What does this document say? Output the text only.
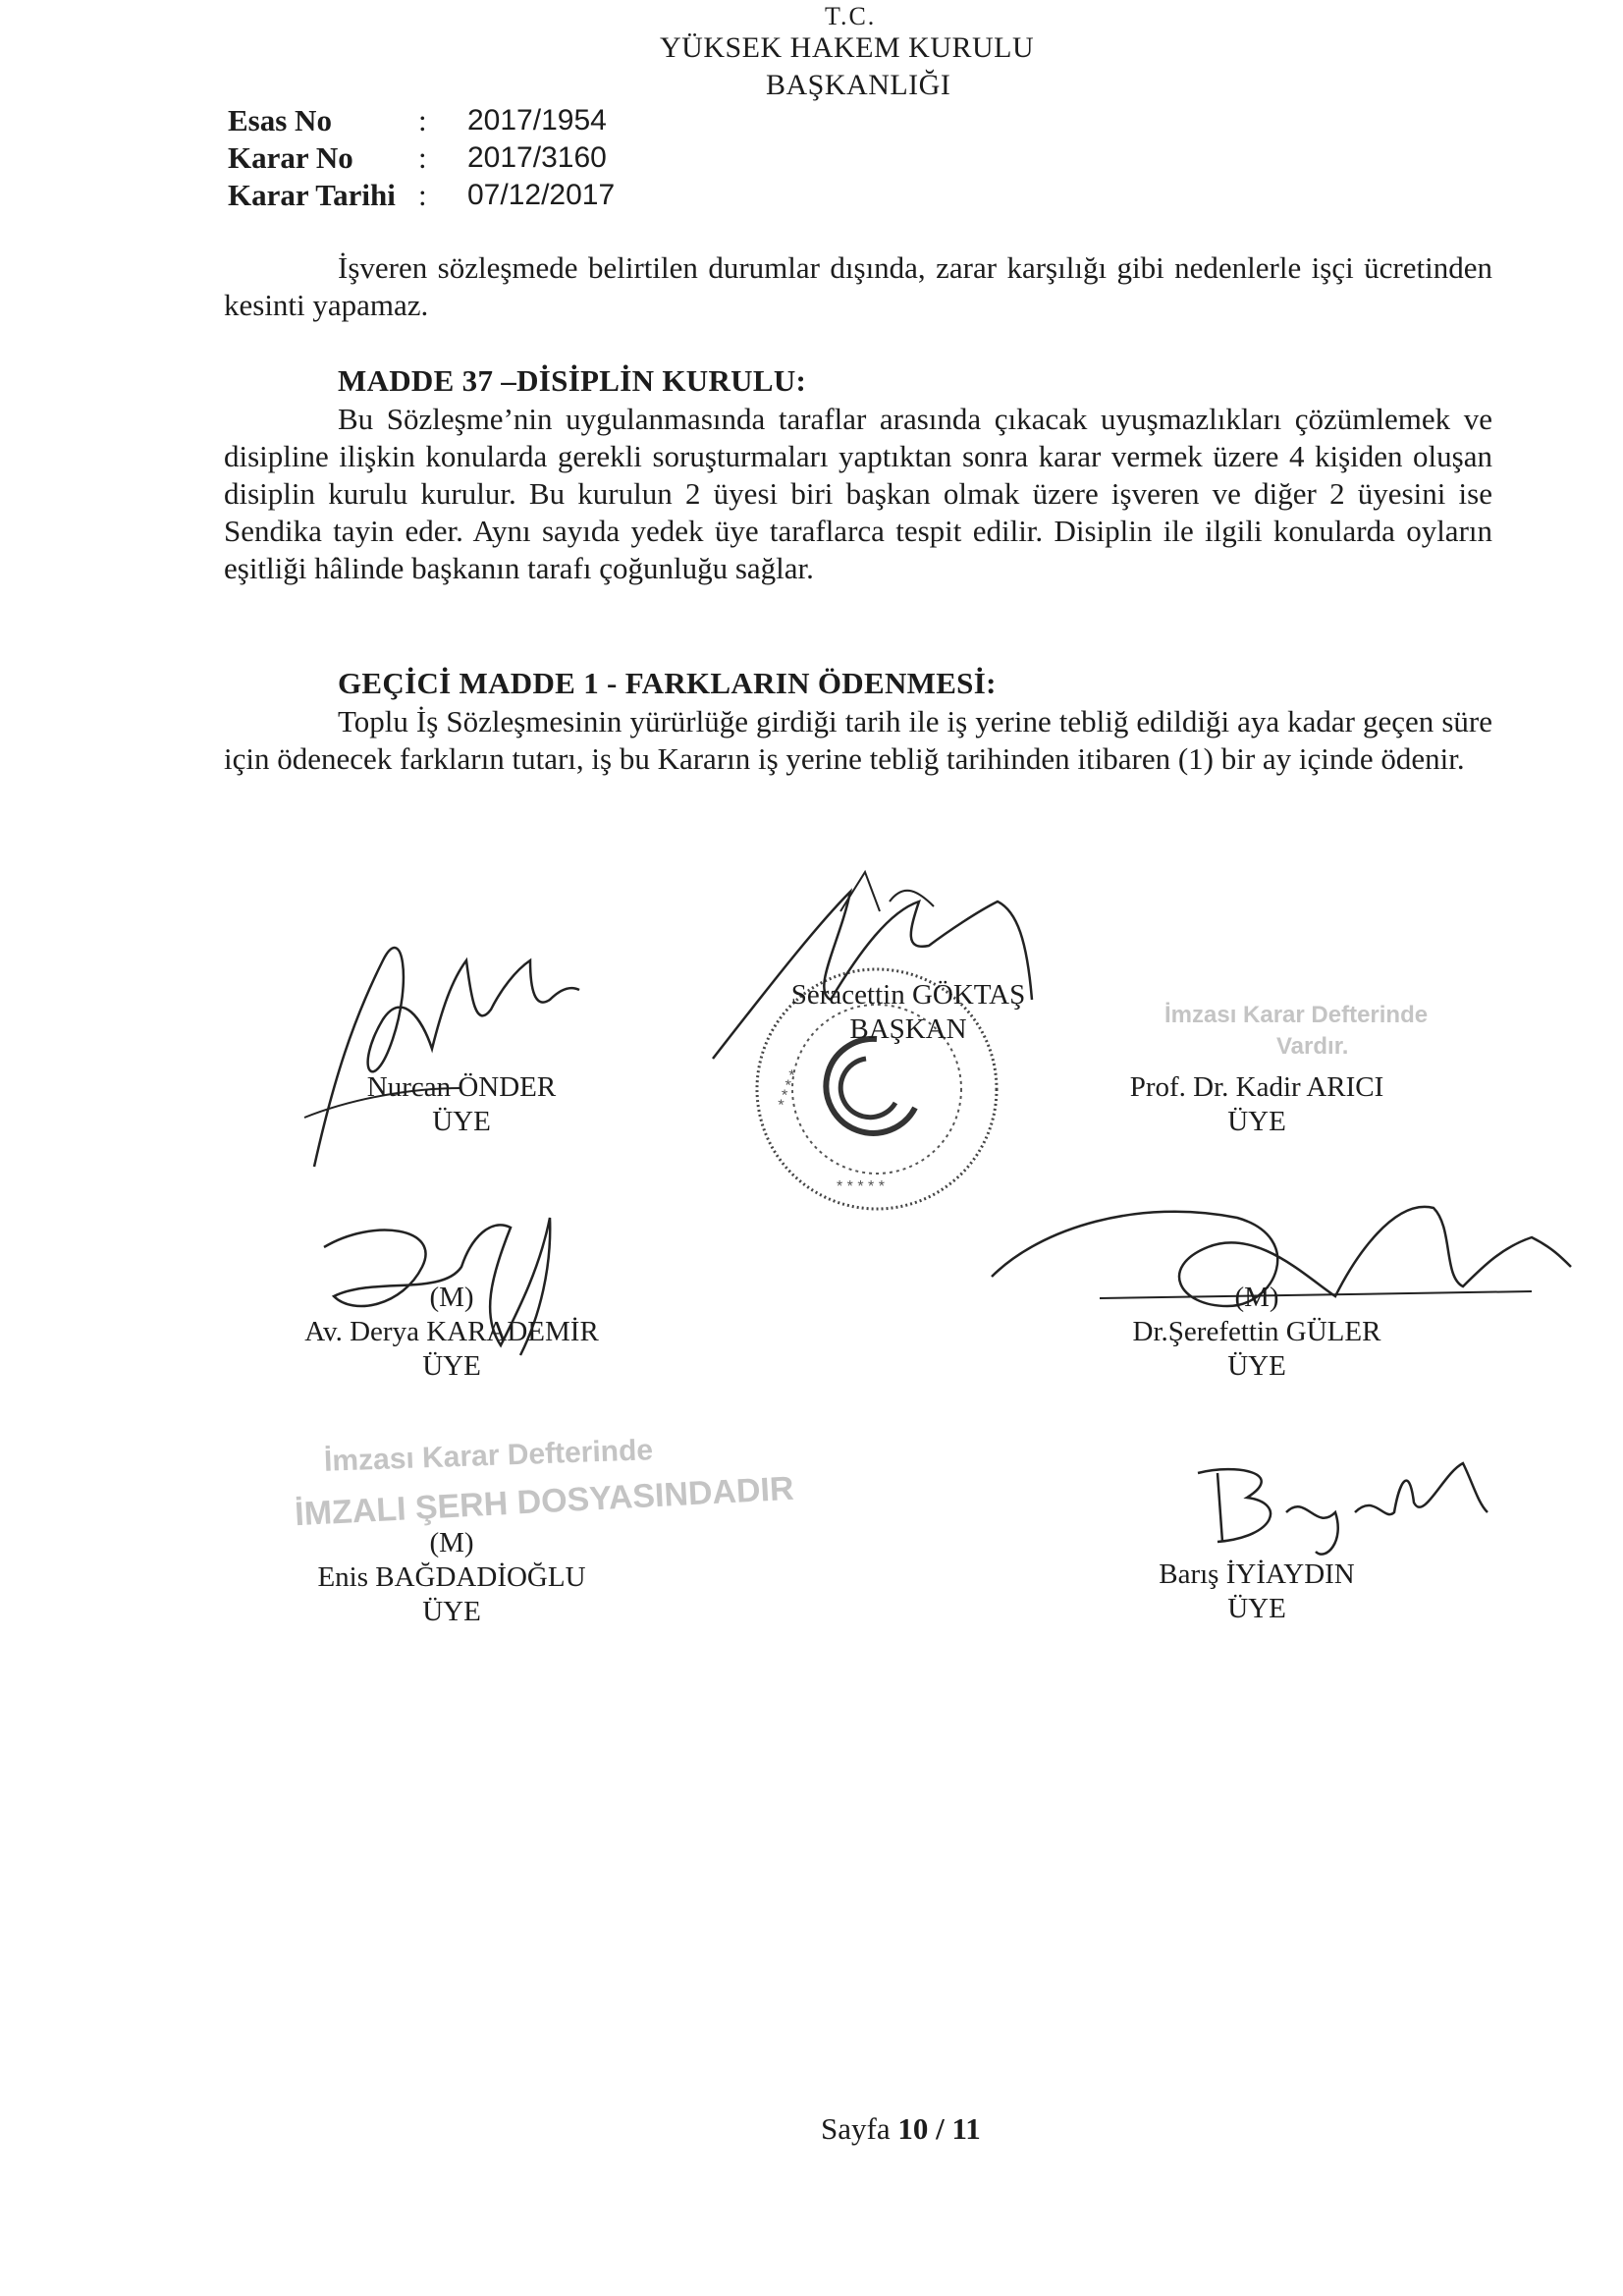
T.C.
YÜKSEK HAKEM KURULU
BAŞKANLIĞI
Esas No	:	2017/1954
Karar No	:	2017/3160
Karar Tarihi :	07/12/2017
İşveren sözleşmede belirtilen durumlar dışında, zarar karşılığı gibi nedenlerle işçi ücretinden kesinti yapamaz.
MADDE 37 –DİSİPLİN KURULU:
Bu Sözleşme’nin uygulanmasında taraflar arasında çıkacak uyuşmazlıkları çözümlemek ve disipline ilişkin konularda gerekli soruşturmaları yaptıktan sonra karar vermek üzere 4 kişiden oluşan disiplin kurulu kurulur. Bu kurulun 2 üyesi biri başkan olmak üzere işveren ve diğer 2 üyesini ise Sendika tayin eder. Aynı sayıda yedek üye taraflarca tespit edilir. Disiplin ile ilgili konularda oyların eşitliği hâlinde başkanın tarafı çoğunluğu sağlar.
GEÇİCİ MADDE 1 - FARKLARIN ÖDENMESİ:
Toplu İş Sözleşmesinin yürürlüğe girdiği tarih ile iş yerine tebliğ edildiği aya kadar geçen süre için ödenecek farkların tutarı, iş bu Kararın iş yerine tebliğ tarihinden itibaren (1) bir ay içinde ödenir.
* * * *
* * * * *
Seracettin GÖKTAŞ
BAŞKAN
Nurcan ÖNDER
ÜYE
İmzası Karar Defterinde
Vardır.
Prof. Dr. Kadir ARICI
ÜYE
(M)
Av. Derya KARADEMİR
ÜYE
(M)
Dr.Şerefettin GÜLER
ÜYE
İmzası Karar Defterinde
İMZALI ŞERH DOSYASINDADIR
(M)
Enis BAĞDADİOĞLU
ÜYE
Barış İYİAYDIN
ÜYE
Sayfa 10 / 11
